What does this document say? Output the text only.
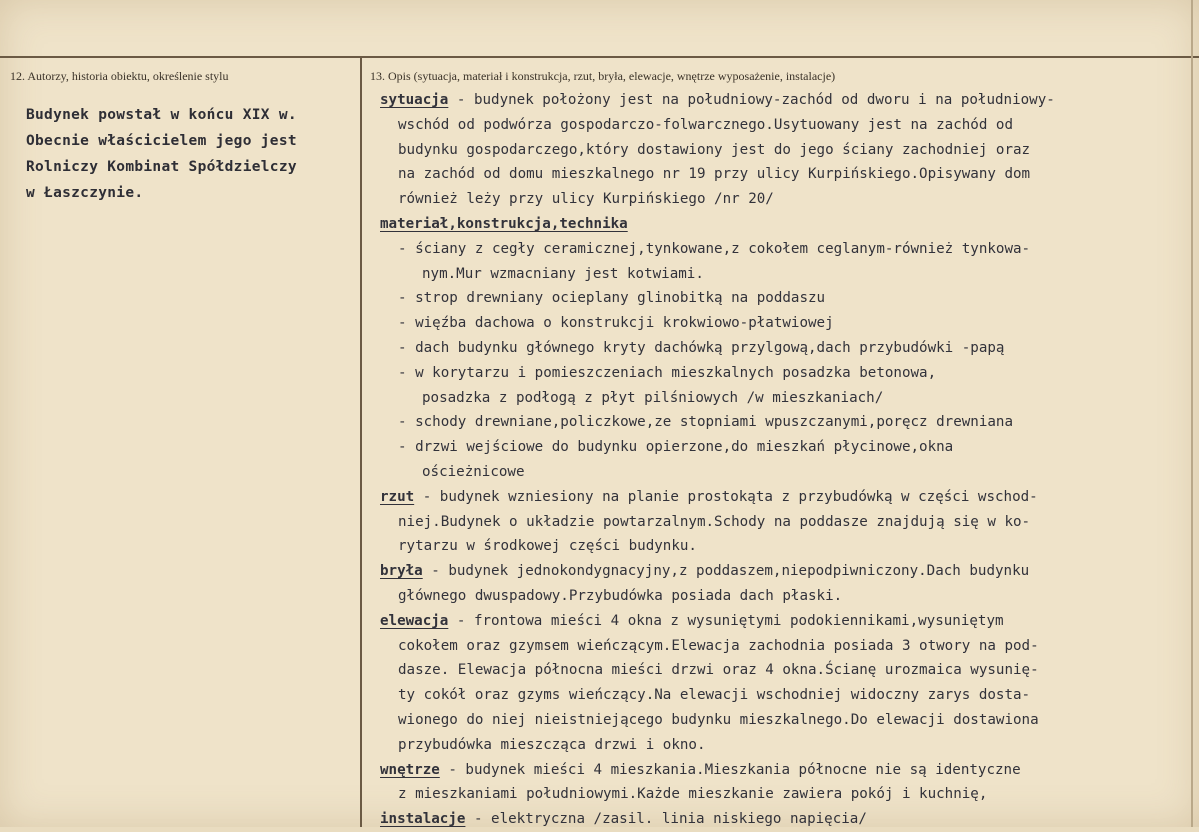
12. Autorzy, historia obiektu, określenie stylu	13. Opis (sytuacja, materiał i konstrukcja, rzut, bryła, elewacje, wnętrze wyposażenie, instalacje)
Budynek powstał w końcu XIX w.
Obecnie właścicielem jego jest
Rolniczy Kombinat Spółdzielczy
w Łaszczynie.
sytuacja - budynek położony jest na południowy-zachód od dworu i na południowy-
wschód od podwórza gospodarczo-folwarcznego.Usytuowany jest na zachód od
budynku gospodarczego,który dostawiony jest do jego ściany zachodniej oraz
na zachód od domu mieszkalnego nr 19 przy ulicy Kurpińskiego.Opisywany dom
również leży przy ulicy Kurpińskiego /nr 20/
materiał,konstrukcja,technika
- ściany z cegły ceramicznej,tynkowane,z cokołem ceglanym-również tynkowa-
nym.Mur wzmacniany jest kotwiami.
- strop drewniany ocieplany glinobitką na poddaszu
- więźba dachowa o konstrukcji krokwiowo-płatwiowej
- dach budynku głównego kryty dachówką przylgową,dach przybudówki -papą
- w korytarzu i pomieszczeniach mieszkalnych posadzka betonowa,
posadzka z podłogą z płyt pilśniowych /w mieszkaniach/
- schody drewniane,policzkowe,ze stopniami wpuszczanymi,poręcz drewniana
- drzwi wejściowe do budynku opierzone,do mieszkań płycinowe,okna
ościeżnicowe
rzut - budynek wzniesiony na planie prostokąta z przybudówką w części wschod-
niej.Budynek o układzie powtarzalnym.Schody na poddasze znajdują się w ko-
rytarzu w środkowej części budynku.
bryła - budynek jednokondygnacyjny,z poddaszem,niepodpiwniczony.Dach budynku
głównego dwuspadowy.Przybudówka posiada dach płaski.
elewacja - frontowa mieści 4 okna z wysuniętymi podokiennikami,wysuniętym
cokołem oraz gzymsem wieńczącym.Elewacja zachodnia posiada 3 otwory na pod-
dasze. Elewacja północna mieści drzwi oraz 4 okna.Ścianę urozmaica wysunię-
ty cokół oraz gzyms wieńczący.Na elewacji wschodniej widoczny zarys dosta-
wionego do niej nieistniejącego budynku mieszkalnego.Do elewacji dostawiona
przybudówka mieszcząca drzwi i okno.
wnętrze - budynek mieści 4 mieszkania.Mieszkania północne nie są identyczne
z mieszkaniami południowymi.Każde mieszkanie zawiera pokój i kuchnię,
instalacje - elektryczna /zasil. linia niskiego napięcia/
